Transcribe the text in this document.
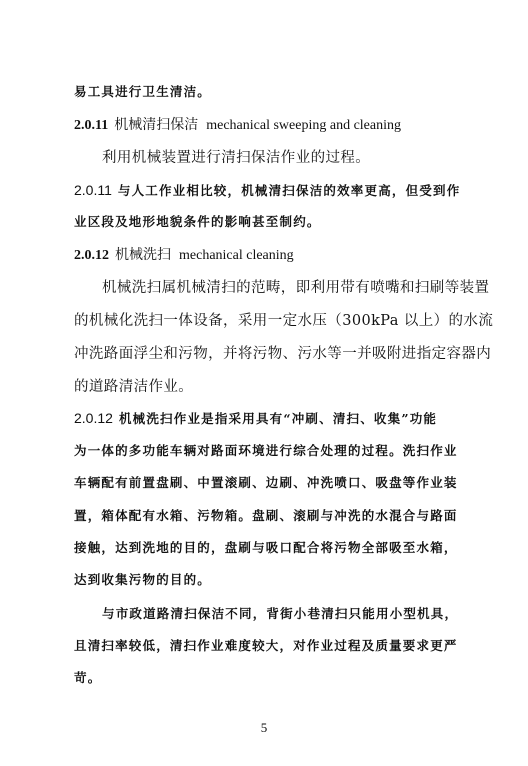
易工具进行卫生清洁。
2.0.11 机械清扫保洁 mechanical sweeping and cleaning
利用机械装置进行清扫保洁作业的过程。
2.0.11 与人工作业相比较，机械清扫保洁的效率更高，但受到作
业区段及地形地貌条件的影响甚至制约。
2.0.12 机械洗扫 mechanical cleaning
机械洗扫属机械清扫的范畴，即利用带有喷嘴和扫刷等装置
的机械化洗扫一体设备，采用一定水压（300kPa 以上）的水流
冲洗路面浮尘和污物，并将污物、污水等一并吸附进指定容器内
的道路清洁作业。
2.0.12 机械洗扫作业是指采用具有“冲刷、清扫、收集”功能
为一体的多功能车辆对路面环境进行综合处理的过程。洗扫作业
车辆配有前置盘刷、中置滚刷、边刷、冲洗喷口、吸盘等作业装
置，箱体配有水箱、污物箱。盘刷、滚刷与冲洗的水混合与路面
接触，达到洗地的目的，盘刷与吸口配合将污物全部吸至水箱，
达到收集污物的目的。
与市政道路清扫保洁不同，背街小巷清扫只能用小型机具，
且清扫率较低，清扫作业难度较大，对作业过程及质量要求更严
苛。
5
